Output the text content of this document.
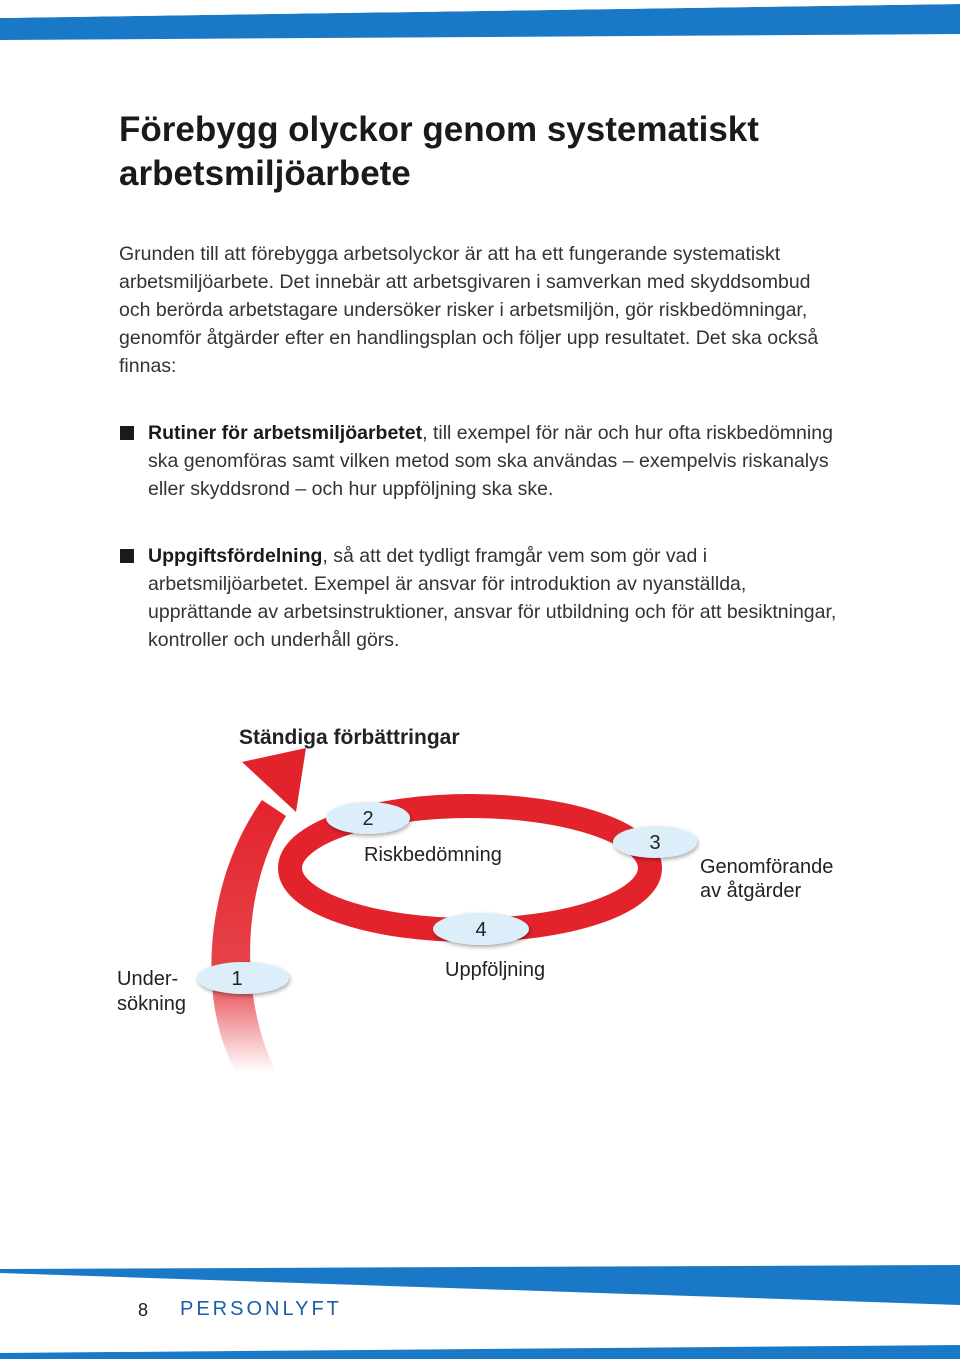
Förebygg olyckor genom systematiskt arbetsmiljöarbete

Grunden till att förebygga arbetsolyckor är att ha ett fungerande systematiskt arbetsmiljöarbete. Det innebär att arbetsgivaren i samverkan med skyddsombud och berörda arbetstagare undersöker risker i arbetsmiljön, gör riskbedömningar, genomför åtgärder efter en handlingsplan och följer upp resultatet. Det ska också finnas:

Rutiner för arbetsmiljöarbetet, till exempel för när och hur ofta riskbedömning ska genomföras samt vilken metod som ska användas – exempelvis riskanalys eller skyddsrond – och hur uppföljning ska ske.

Uppgiftsfördelning, så att det tydligt framgår vem som gör vad i arbetsmiljöarbetet. Exempel är ansvar för introduktion av nyanställda, upprättande av arbetsinstruktioner, ansvar för utbildning och för att besiktningar, kontroller och underhåll görs.

2
3
4
1

Ständiga förbättringar

Riskbedömning

Genomförande

av åtgärder

Uppföljning

Under-

sökning

8 PERSONLYFT
